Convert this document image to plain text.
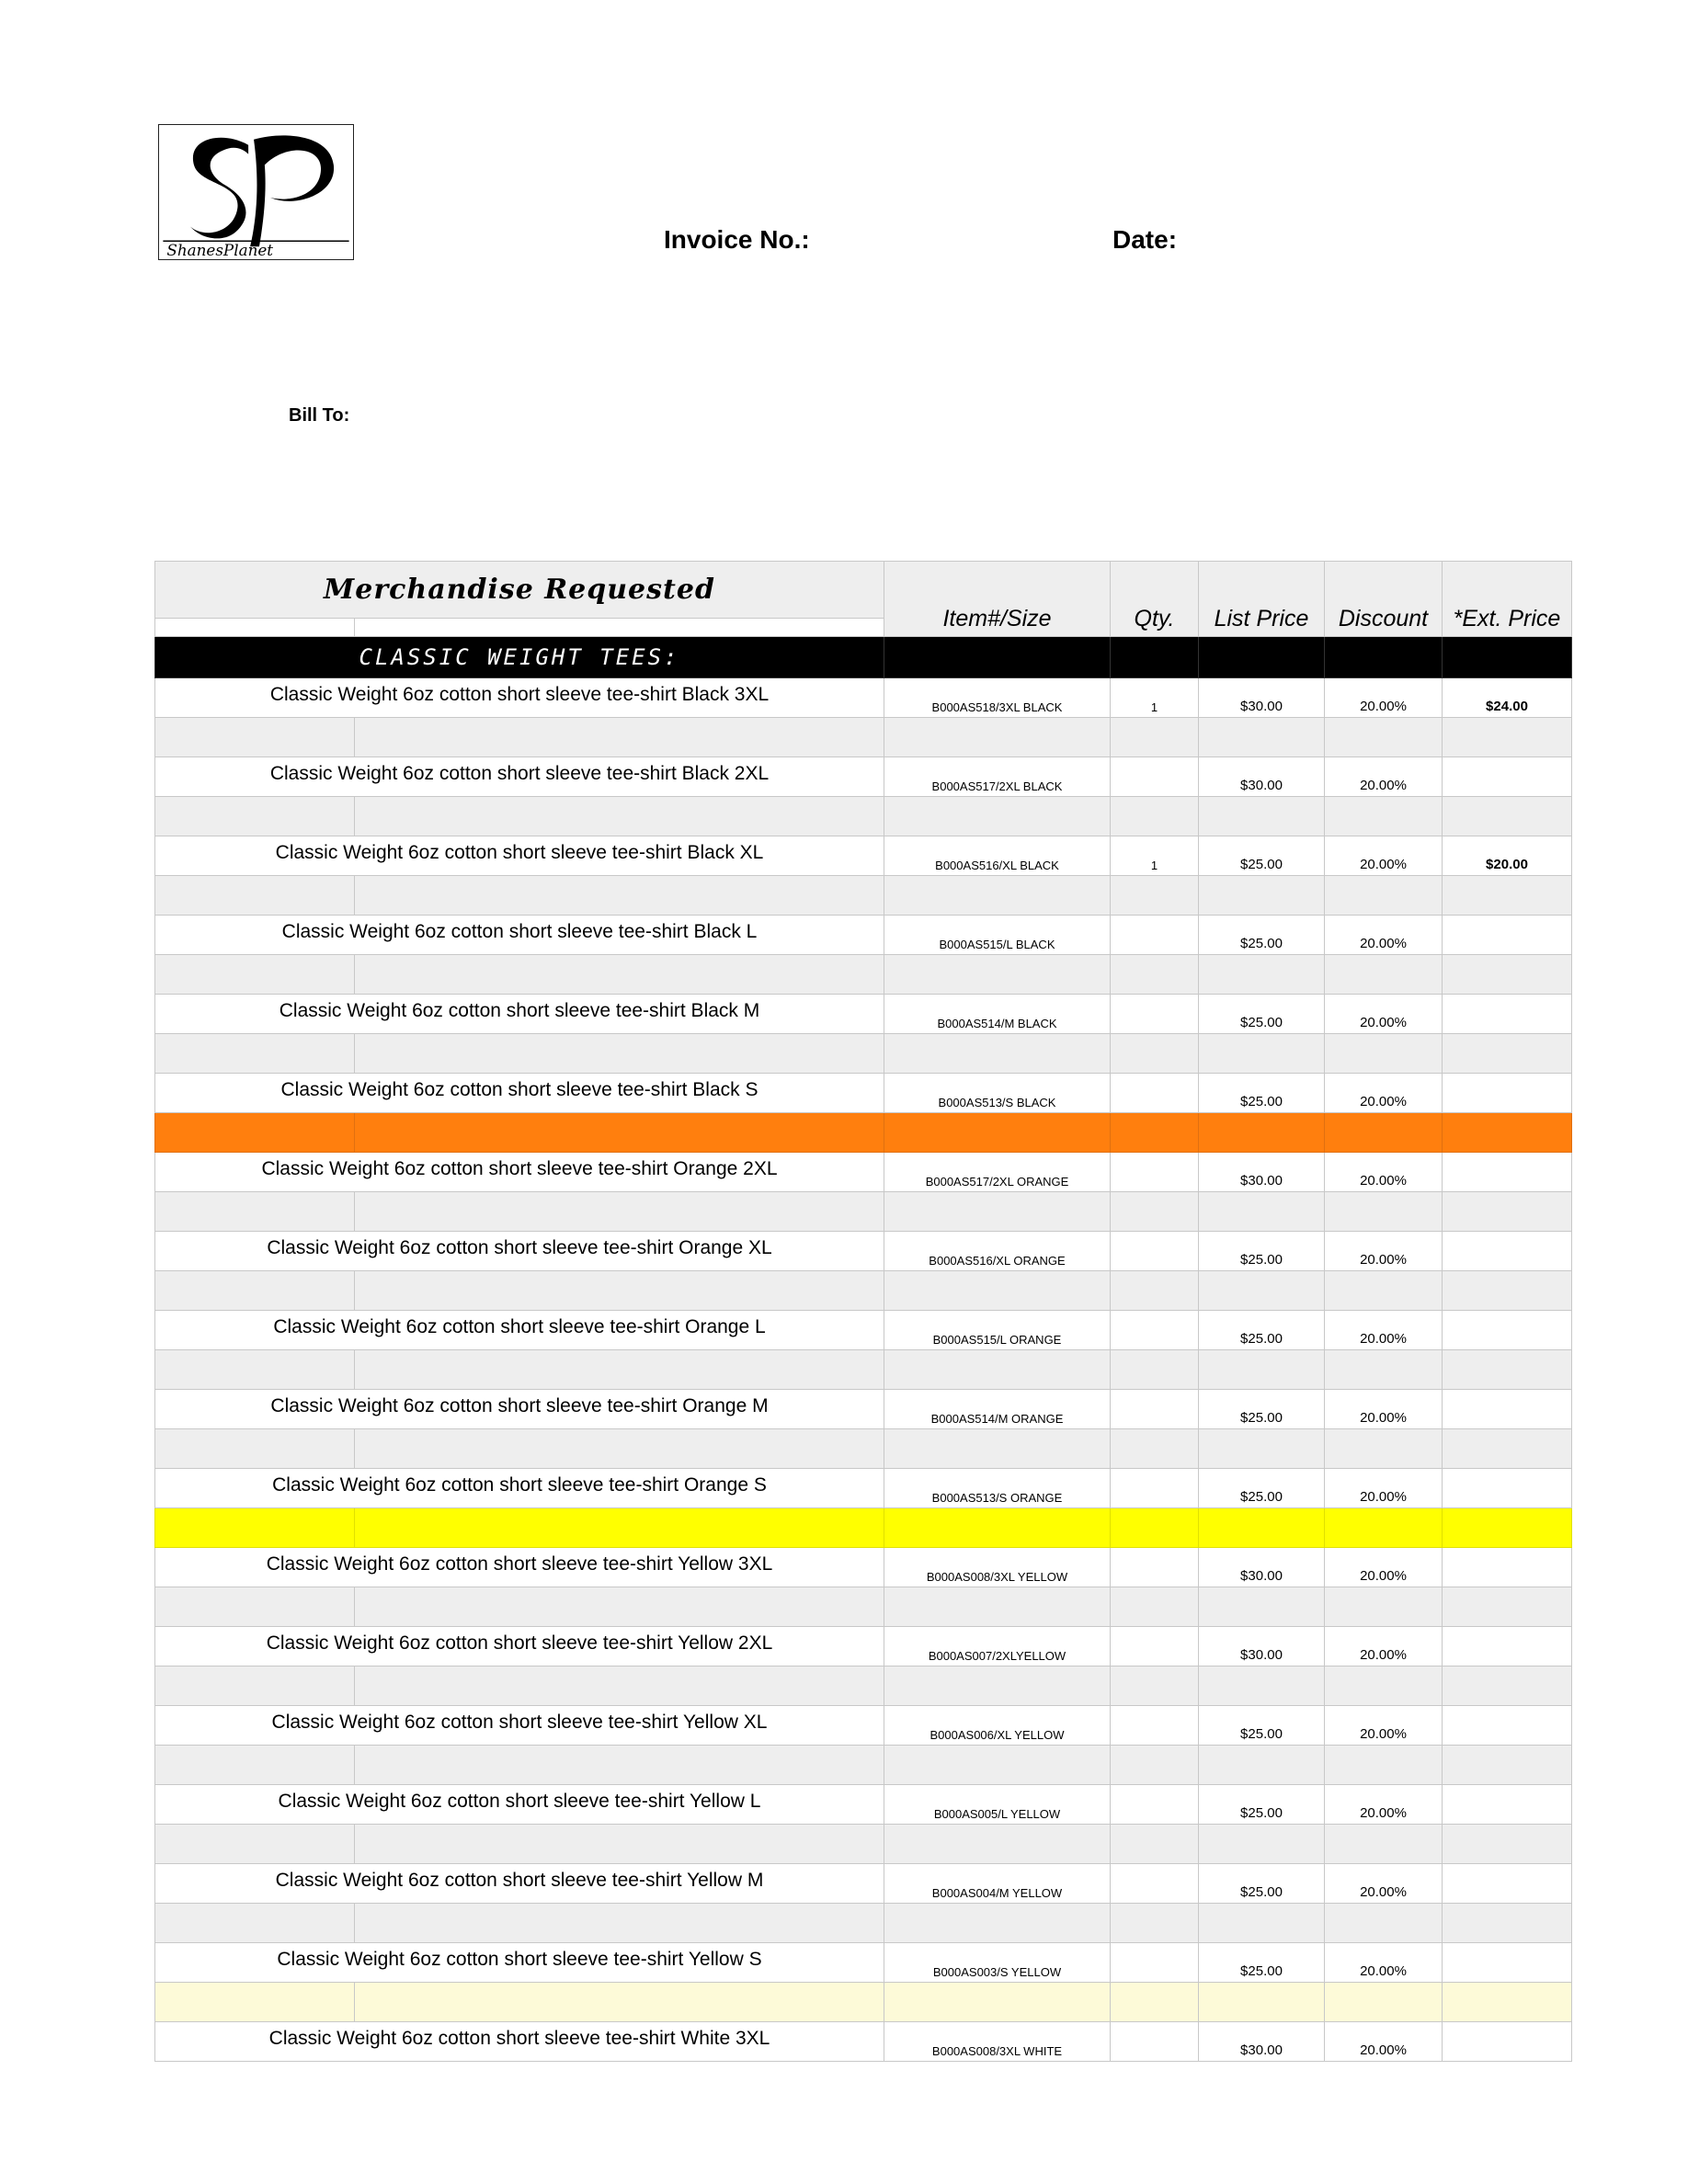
ShanesPlanet	Invoice No.:	Date:
Bill To:
Merchandise Requested		Item#/Size	Qty.	List Price	Discount	*Ext. Price

CLASSIC WEIGHT TEES:						
Classic Weight 6oz cotton short sleeve tee-shirt Black 3XL		B000AS518/3XL BLACK	1	$30.00	20.00%	$24.00

Classic Weight 6oz cotton short sleeve tee-shirt Black 2XL		B000AS517/2XL BLACK		$30.00	20.00%	

Classic Weight 6oz cotton short sleeve tee-shirt Black XL		B000AS516/XL BLACK	1	$25.00	20.00%	$20.00

Classic Weight 6oz cotton short sleeve tee-shirt Black L		B000AS515/L BLACK		$25.00	20.00%	

Classic Weight 6oz cotton short sleeve tee-shirt Black M		B000AS514/M BLACK		$25.00	20.00%	

Classic Weight 6oz cotton short sleeve tee-shirt Black S		B000AS513/S BLACK		$25.00	20.00%	

Classic Weight 6oz cotton short sleeve tee-shirt Orange 2XL		B000AS517/2XL ORANGE		$30.00	20.00%	

Classic Weight 6oz cotton short sleeve tee-shirt Orange XL		B000AS516/XL ORANGE		$25.00	20.00%	

Classic Weight 6oz cotton short sleeve tee-shirt Orange L		B000AS515/L ORANGE		$25.00	20.00%	

Classic Weight 6oz cotton short sleeve tee-shirt Orange M		B000AS514/M ORANGE		$25.00	20.00%	

Classic Weight 6oz cotton short sleeve tee-shirt Orange S		B000AS513/S ORANGE		$25.00	20.00%	

Classic Weight 6oz cotton short sleeve tee-shirt Yellow 3XL		B000AS008/3XL YELLOW		$30.00	20.00%	

Classic Weight 6oz cotton short sleeve tee-shirt Yellow 2XL		B000AS007/2XLYELLOW		$30.00	20.00%	

Classic Weight 6oz cotton short sleeve tee-shirt Yellow XL		B000AS006/XL YELLOW		$25.00	20.00%	

Classic Weight 6oz cotton short sleeve tee-shirt Yellow L		B000AS005/L YELLOW		$25.00	20.00%	

Classic Weight 6oz cotton short sleeve tee-shirt Yellow M		B000AS004/M YELLOW		$25.00	20.00%	

Classic Weight 6oz cotton short sleeve tee-shirt Yellow S		B000AS003/S YELLOW		$25.00	20.00%	

Classic Weight 6oz cotton short sleeve tee-shirt White 3XL		B000AS008/3XL WHITE		$30.00	20.00%	
